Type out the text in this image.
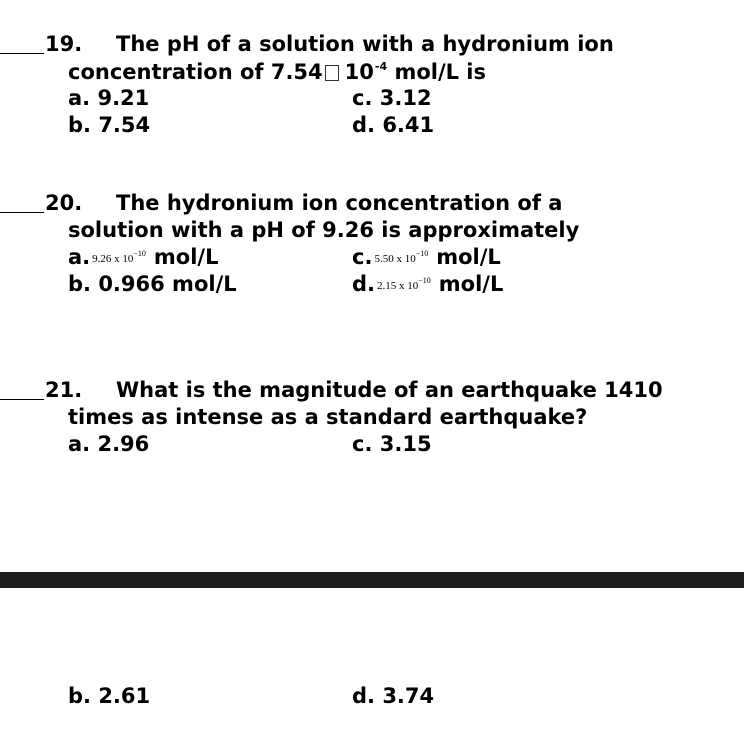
19. The pH of a solution with a hydronium ion
concentration of 7.54 $10^{-4}$ mol/L is
a. 9.21	c. 3.12
b. 7.54	d. 6.41
20. The hydronium ion concentration of a
solution with a pH of 9.26 is approximately
a. 9.26 x $10^{-10}$ mol/L	c. 5.50 x $10^{-10}$ mol/L
b. 0.966 mol/L	d. 2.15 x $10^{-10}$ mol/L
21. What is the magnitude of an earthquake 1410
times as intense as a standard earthquake?
a. 2.96	c. 3.15
b. 2.61	d. 3.74
